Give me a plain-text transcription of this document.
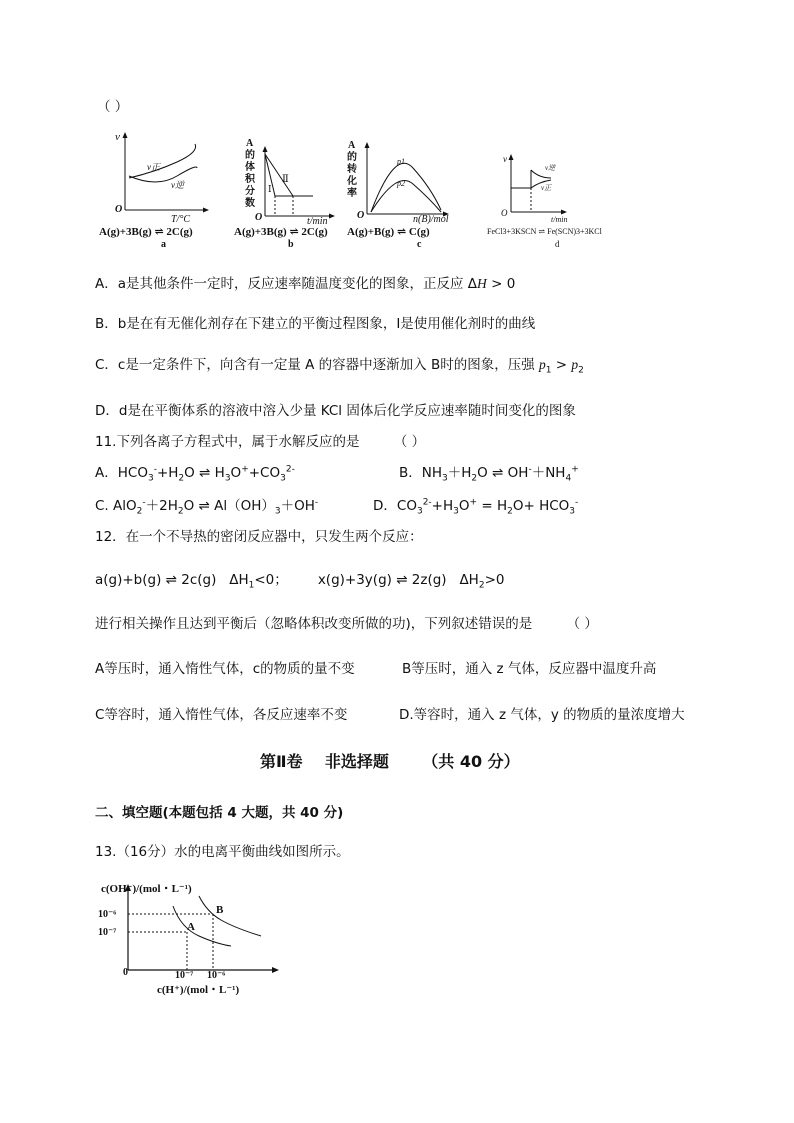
（ ）
v
v正
v逆
O
T/°C
A(g)+3B(g) ⇌ 2C(g)
a
A
的
体
积
分
数
Ⅱ
Ⅰ
O	t/min
A(g)+3B(g) ⇌ 2C(g)
b
A
的
转
化
率
p1
p2
O	n(B)/mol
A(g)+B(g) ⇌ C(g)
c
v
v逆
v正
O
t/min
FeCl3+3KSCN ⇌ Fe(SCN)3+3KCl
d
A．a是其他条件一定时，反应速率随温度变化的图象，正反应 ΔH > 0
B．b是在有无催化剂存在下建立的平衡过程图象，Ⅰ是使用催化剂时的曲线
C．c是一定条件下，向含有一定量 A 的容器中逐渐加入 B时的图象，压强 $p_1 > p_2$
D．d是在平衡体系的溶液中溶入少量 KCl 固体后化学反应速率随时间变化的图象
11.下列各离子方程式中，属于水解反应的是	（ ）
A．$HCO_3^-+H_2O$ ⇌ $H_3O^++CO_3^{2-}$	B．$NH_3+H_2O$ ⇌ $OH^-+NH_4^+$
C. $AlO_2^-+2H_2O$ ⇌ $Al(OH)_3+OH^-$	D．$CO_3^{2-}+H_3O^+ = H_2O+ HCO_3^-$
12．在一个不导热的密闭反应器中，只发生两个反应：
a(g)+b(g) ⇌ 2c(g)   $\Delta H_1<0$；       x(g)+3y(g) ⇌ 2z(g)   $\Delta H_2>0$
进行相关操作且达到平衡后（忽略体积改变所做的功)，下列叙述错误的是	（ ）
A等压时，通入惰性气体，c的物质的量不变	B等压时，通入 z 气体，反应器中温度升高
C等容时，通入惰性气体，各反应速率不变	D.等容时，通入 z 气体，y 的物质的量浓度增大
第Ⅱ卷    非选择题      （共 40 分）
二、填空题(本题包括 4 大题，共 40 分)
13.（16分）水的电离平衡曲线如图所示。
c(OH⁻)/(mol・L⁻¹)
10⁻⁶
10⁻⁷
0	10⁻⁷ 10⁻⁶
A
B
c(H⁺)/(mol・L⁻¹)
